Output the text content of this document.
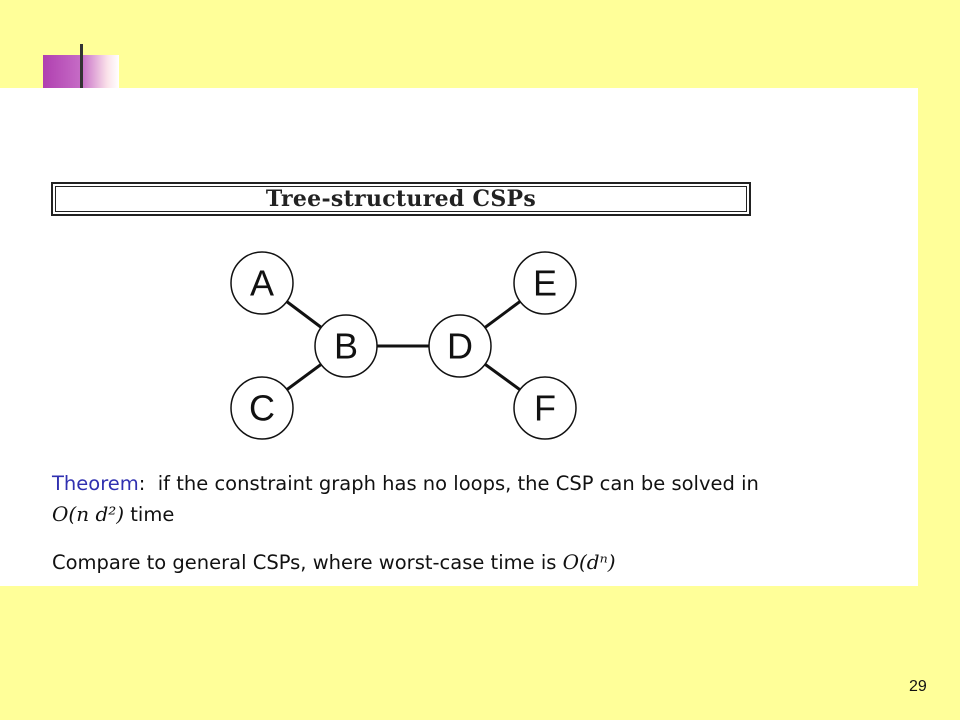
Tree-structured CSPs
A
B
C
D
E
F
Theorem: if the constraint graph has no loops, the CSP can be solved in
O(n d²) time
Compare to general CSPs, where worst-case time is O(dⁿ)
29
